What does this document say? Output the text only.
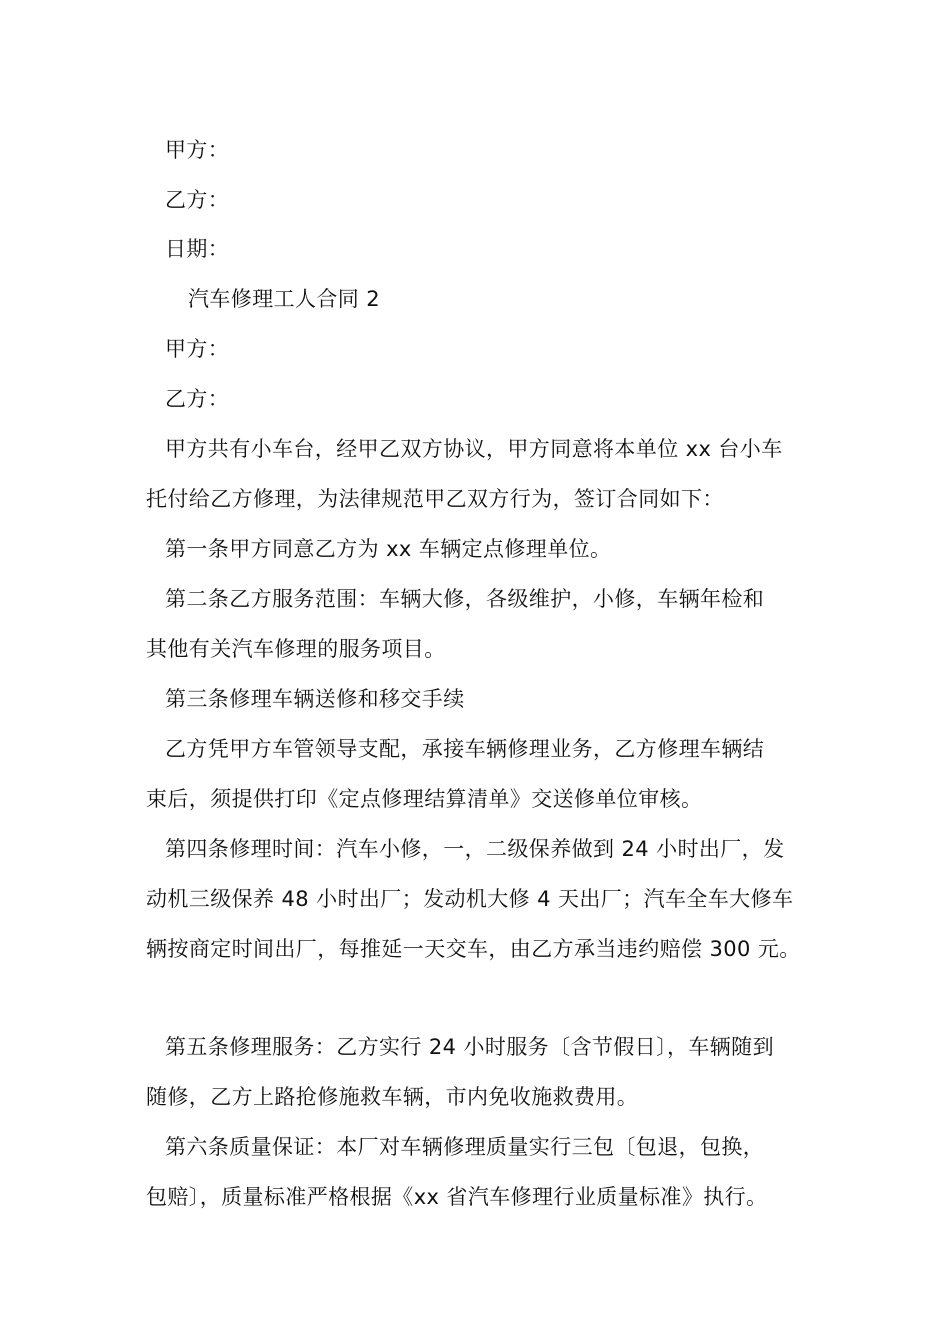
甲方：
乙方：
日期：
汽车修理工人合同 2
甲方：
乙方：
甲方共有小车台，经甲乙双方协议，甲方同意将本单位 xx 台小车
托付给乙方修理，为法律规范甲乙双方行为，签订合同如下：
第一条甲方同意乙方为 xx 车辆定点修理单位。
第二条乙方服务范围：车辆大修，各级维护，小修，车辆年检和
其他有关汽车修理的服务项目。
第三条修理车辆送修和移交手续
乙方凭甲方车管领导支配，承接车辆修理业务，乙方修理车辆结
束后，须提供打印《定点修理结算清单》交送修单位审核。
第四条修理时间：汽车小修，一，二级保养做到 24 小时出厂，发
动机三级保养 48 小时出厂；发动机大修 4 天出厂；汽车全车大修车
辆按商定时间出厂，每推延一天交车，由乙方承当违约赔偿 300 元。
第五条修理服务：乙方实行 24 小时服务〔含节假日〕，车辆随到
随修，乙方上路抢修施救车辆，市内免收施救费用。
第六条质量保证：本厂对车辆修理质量实行三包〔包退，包换，
包赔〕，质量标准严格根据《xx 省汽车修理行业质量标准》执行。
